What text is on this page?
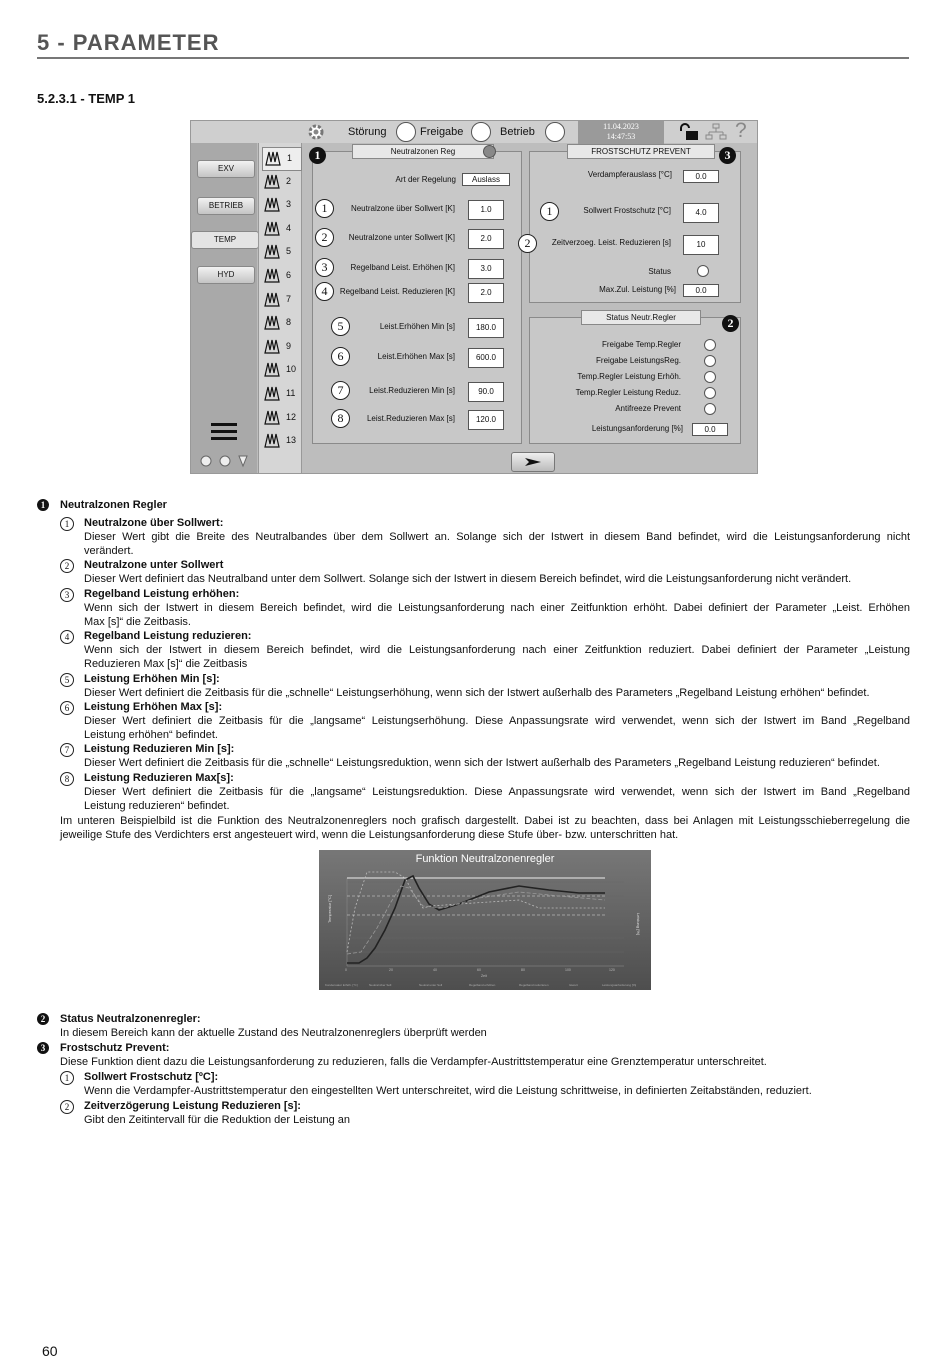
5 - PARAMETER
5.2.3.1 - TEMP 1
Störung	Freigabe	Betrieb	11.04.2023
14:47:53	?
EXV
BETRIEB
TEMP
HYD
1
2
3
4
5
6
7
8
9
10
11
12
13
1	Neutralzonen Reg
Art der Regelung	Auslass
FROSTSCHUTZ PREVENT	3
Verdampferauslass [°C]	0.0
Status
Max.Zul. Leistung [%]	0.0
Status Neutr.Regler	2
Leistungsanforderung [%]	0.0
1	Neutralzone über Sollwert [K]	1.0
2	Neutralzone unter Sollwert [K]	2.0
3	Regelband Leist. Erhöhen [K]	3.0
4	Regelband Leist. Reduzieren [K]	2.0
5	Leist.Erhöhen Min [s]	180.0
6	Leist.Erhöhen Max [s]	600.0
7	Leist.Reduzieren Min [s]	90.0
8	Leist.Reduzieren Max [s]	120.0
1	Sollwert Frostschutz [°C]	4.0
2	Zeitverzoeg. Leist. Reduzieren [s]	10
Freigabe Temp.Regler
Freigabe LeistungsReg.
Temp.Regler Leistung Erhöh.
Temp.Regler Leistung Reduz.
Antifreeze Prevent
1	Neutralzonen Regler
1	Neutralzone über Sollwert:
Dieser Wert gibt die Breite des Neutralbandes über dem Sollwert an. Solange sich der Istwert in diesem Band befindet, wird die Leistungsanforderung nicht
verändert.
2	Neutralzone unter Sollwert
Dieser Wert definiert das Neutralband unter dem Sollwert. Solange sich der Istwert in diesem Bereich befindet, wird die Leistungsanforderung nicht verändert.
3	Regelband Leistung erhöhen:
Wenn sich der Istwert in diesem Bereich befindet, wird die Leistungsanforderung nach einer Zeitfunktion erhöht. Dabei definiert der Parameter „Leist. Erhöhen
Max [s]“ die Zeitbasis.
4	Regelband Leistung reduzieren:
Wenn sich der Istwert in diesem Bereich befindet, wird die Leistungsanforderung nach einer Zeitfunktion reduziert. Dabei definiert der Parameter „Leistung
Reduzieren Max [s]“ die Zeitbasis
5	Leistung Erhöhen Min [s]:
Dieser Wert definiert die Zeitbasis für die „schnelle“ Leistungserhöhung, wenn sich der Istwert außerhalb des Parameters „Regelband Leistung erhöhen“ befindet.
6	Leistung Erhöhen Max [s]:
Dieser Wert definiert die Zeitbasis für die „langsame“ Leistungserhöhung. Diese Anpassungsrate wird verwendet, wenn sich der Istwert im Band „Regelband
Leistung erhöhen“ befindet.
7	Leistung Reduzieren Min [s]:
Dieser Wert definiert die Zeitbasis für die „schnelle“ Leistungsreduktion, wenn sich der Istwert außerhalb des Parameters „Regelband Leistung reduzieren“ befindet.
8	Leistung Reduzieren Max[s]:
Dieser Wert definiert die Zeitbasis für die „langsame“ Leistungsreduktion. Diese Anpassungsrate wird verwendet, wenn sich der Istwert im Band „Regelband
Leistung reduzieren“ befindet.
Im unteren Beispielbild ist die Funktion des Neutralzonenreglers noch grafisch dargestellt. Dabei ist zu beachten, dass bei Anlagen mit Leistungsschieberregelung die
jeweilige Stufe des Verdichters erst angesteuert wird, wenn die Leistungsanforderung diese Stufe über- bzw. unterschritten hat.
Funktion Neutralzonenregler
Temperatur [°C]
Leistung [%]
0	20	40	60	80	100	120
Zeit
Kondensator Erhöh. [°C]	Neutral über Soll	Neutral unter Soll	Regelband erhöhen	Regelband reduzieren	Istwert	Leistungsanforderung [%]
2	Status Neutralzonenregler:
In diesem Bereich kann der aktuelle Zustand des Neutralzonenreglers überprüft werden
3	Frostschutz Prevent:
Diese Funktion dient dazu die Leistungsanforderung zu reduzieren, falls die Verdampfer-Austrittstemperatur eine Grenztemperatur unterschreitet.
1	Sollwert Frostschutz [ºC]:
Wenn die Verdampfer-Austrittstemperatur den eingestellten Wert unterschreitet, wird die Leistung schrittweise, in definierten Zeitabständen, reduziert.
2	Zeitverzögerung Leistung Reduzieren [s]:
Gibt den Zeitintervall für die Reduktion der Leistung an
60
